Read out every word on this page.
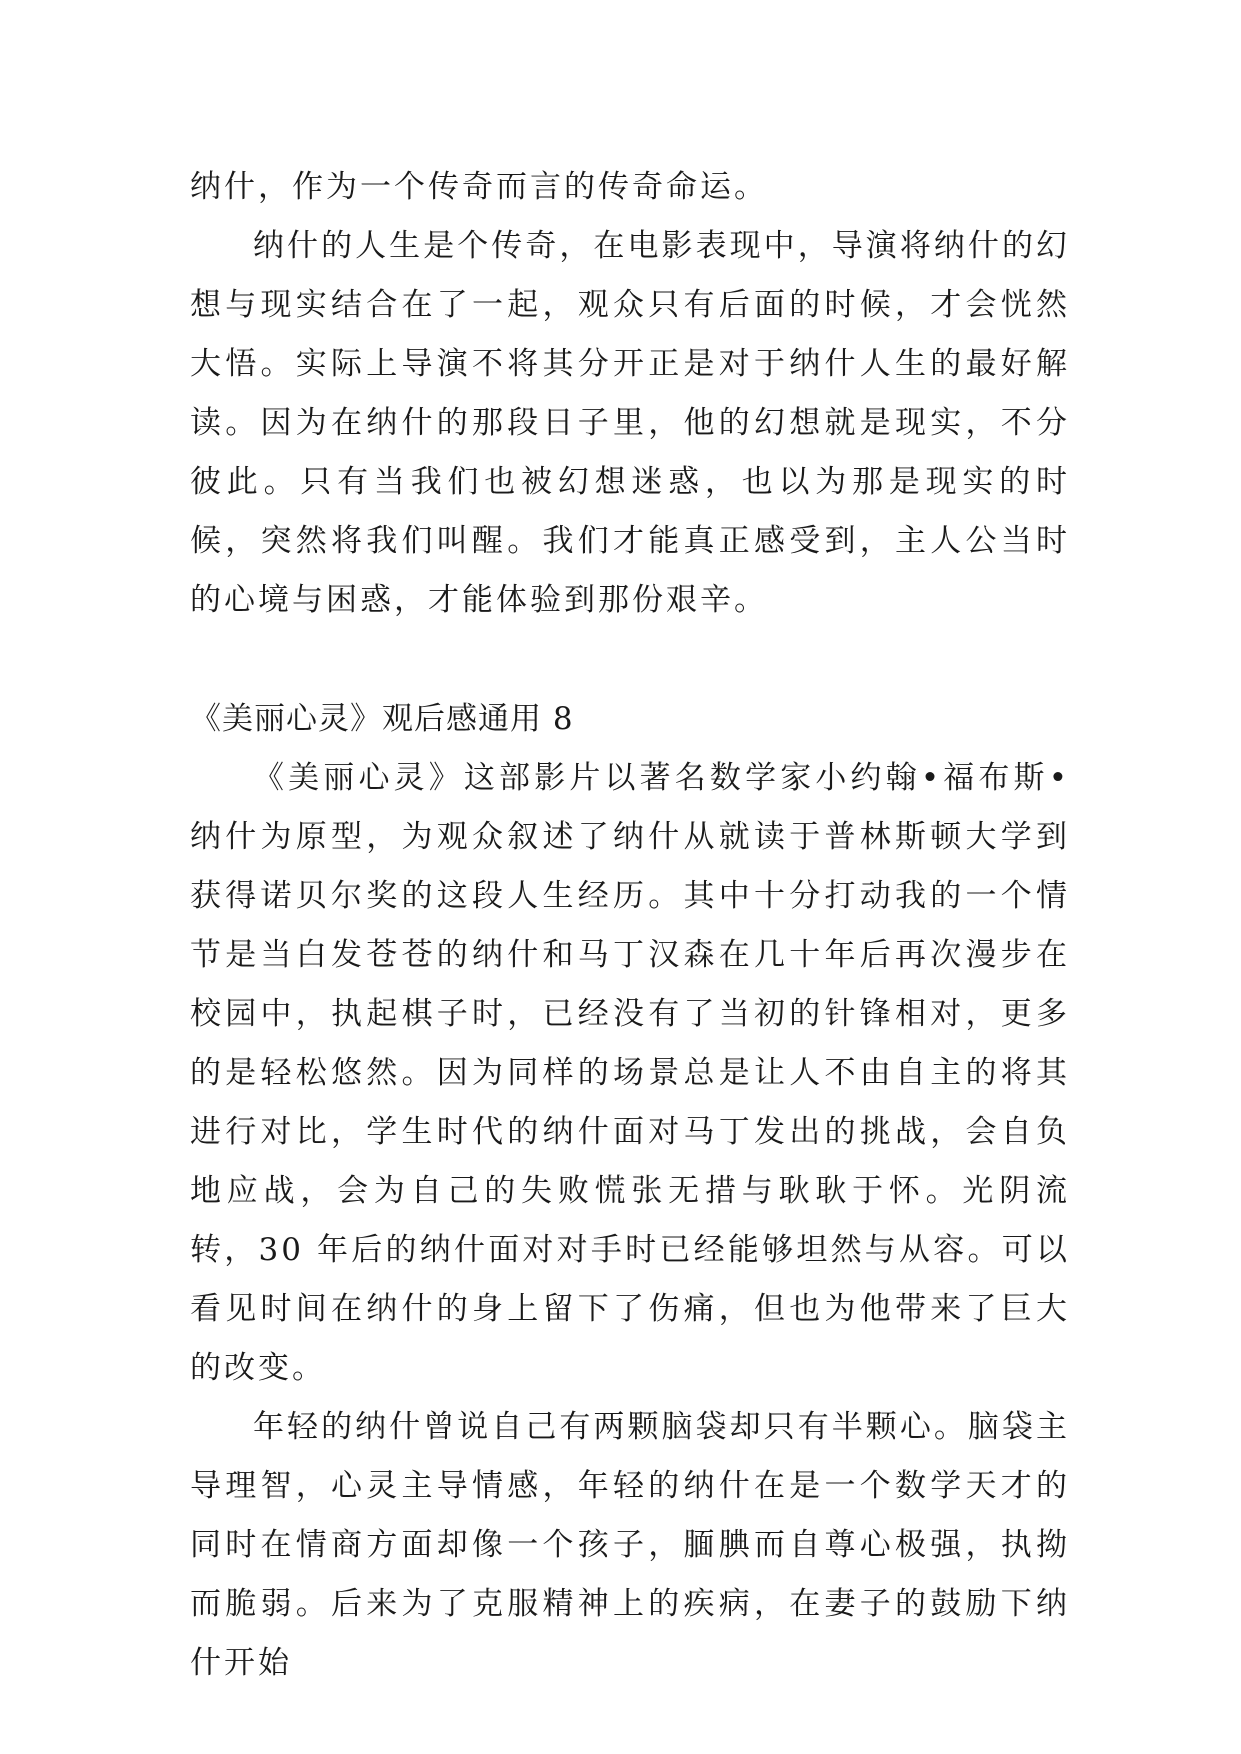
纳什，作为一个传奇而言的传奇命运。

纳什的人生是个传奇，在电影表现中，导演将纳什的幻想与现实结合在了一起，观众只有后面的时候，才会恍然大悟。实际上导演不将其分开正是对于纳什人生的最好解读。因为在纳什的那段日子里，他的幻想就是现实，不分彼此。只有当我们也被幻想迷惑，也以为那是现实的时候，突然将我们叫醒。我们才能真正感受到，主人公当时的心境与困惑，才能体验到那份艰辛。

《美丽心灵》观后感通用 8

《美丽心灵》这部影片以著名数学家小约翰•福布斯•纳什为原型，为观众叙述了纳什从就读于普林斯顿大学到获得诺贝尔奖的这段人生经历。其中十分打动我的一个情节是当白发苍苍的纳什和马丁汉森在几十年后再次漫步在校园中，执起棋子时，已经没有了当初的针锋相对，更多的是轻松悠然。因为同样的场景总是让人不由自主的将其进行对比，学生时代的纳什面对马丁发出的挑战，会自负地应战，会为自己的失败慌张无措与耿耿于怀。光阴流转，30 年后的纳什面对对手时已经能够坦然与从容。可以看见时间在纳什的身上留下了伤痛，但也为他带来了巨大的改变。

年轻的纳什曾说自己有两颗脑袋却只有半颗心。脑袋主导理智，心灵主导情感，年轻的纳什在是一个数学天才的同时在情商方面却像一个孩子，腼腆而自尊心极强，执拗而脆弱。后来为了克服精神上的疾病，在妻子的鼓励下纳什开始
